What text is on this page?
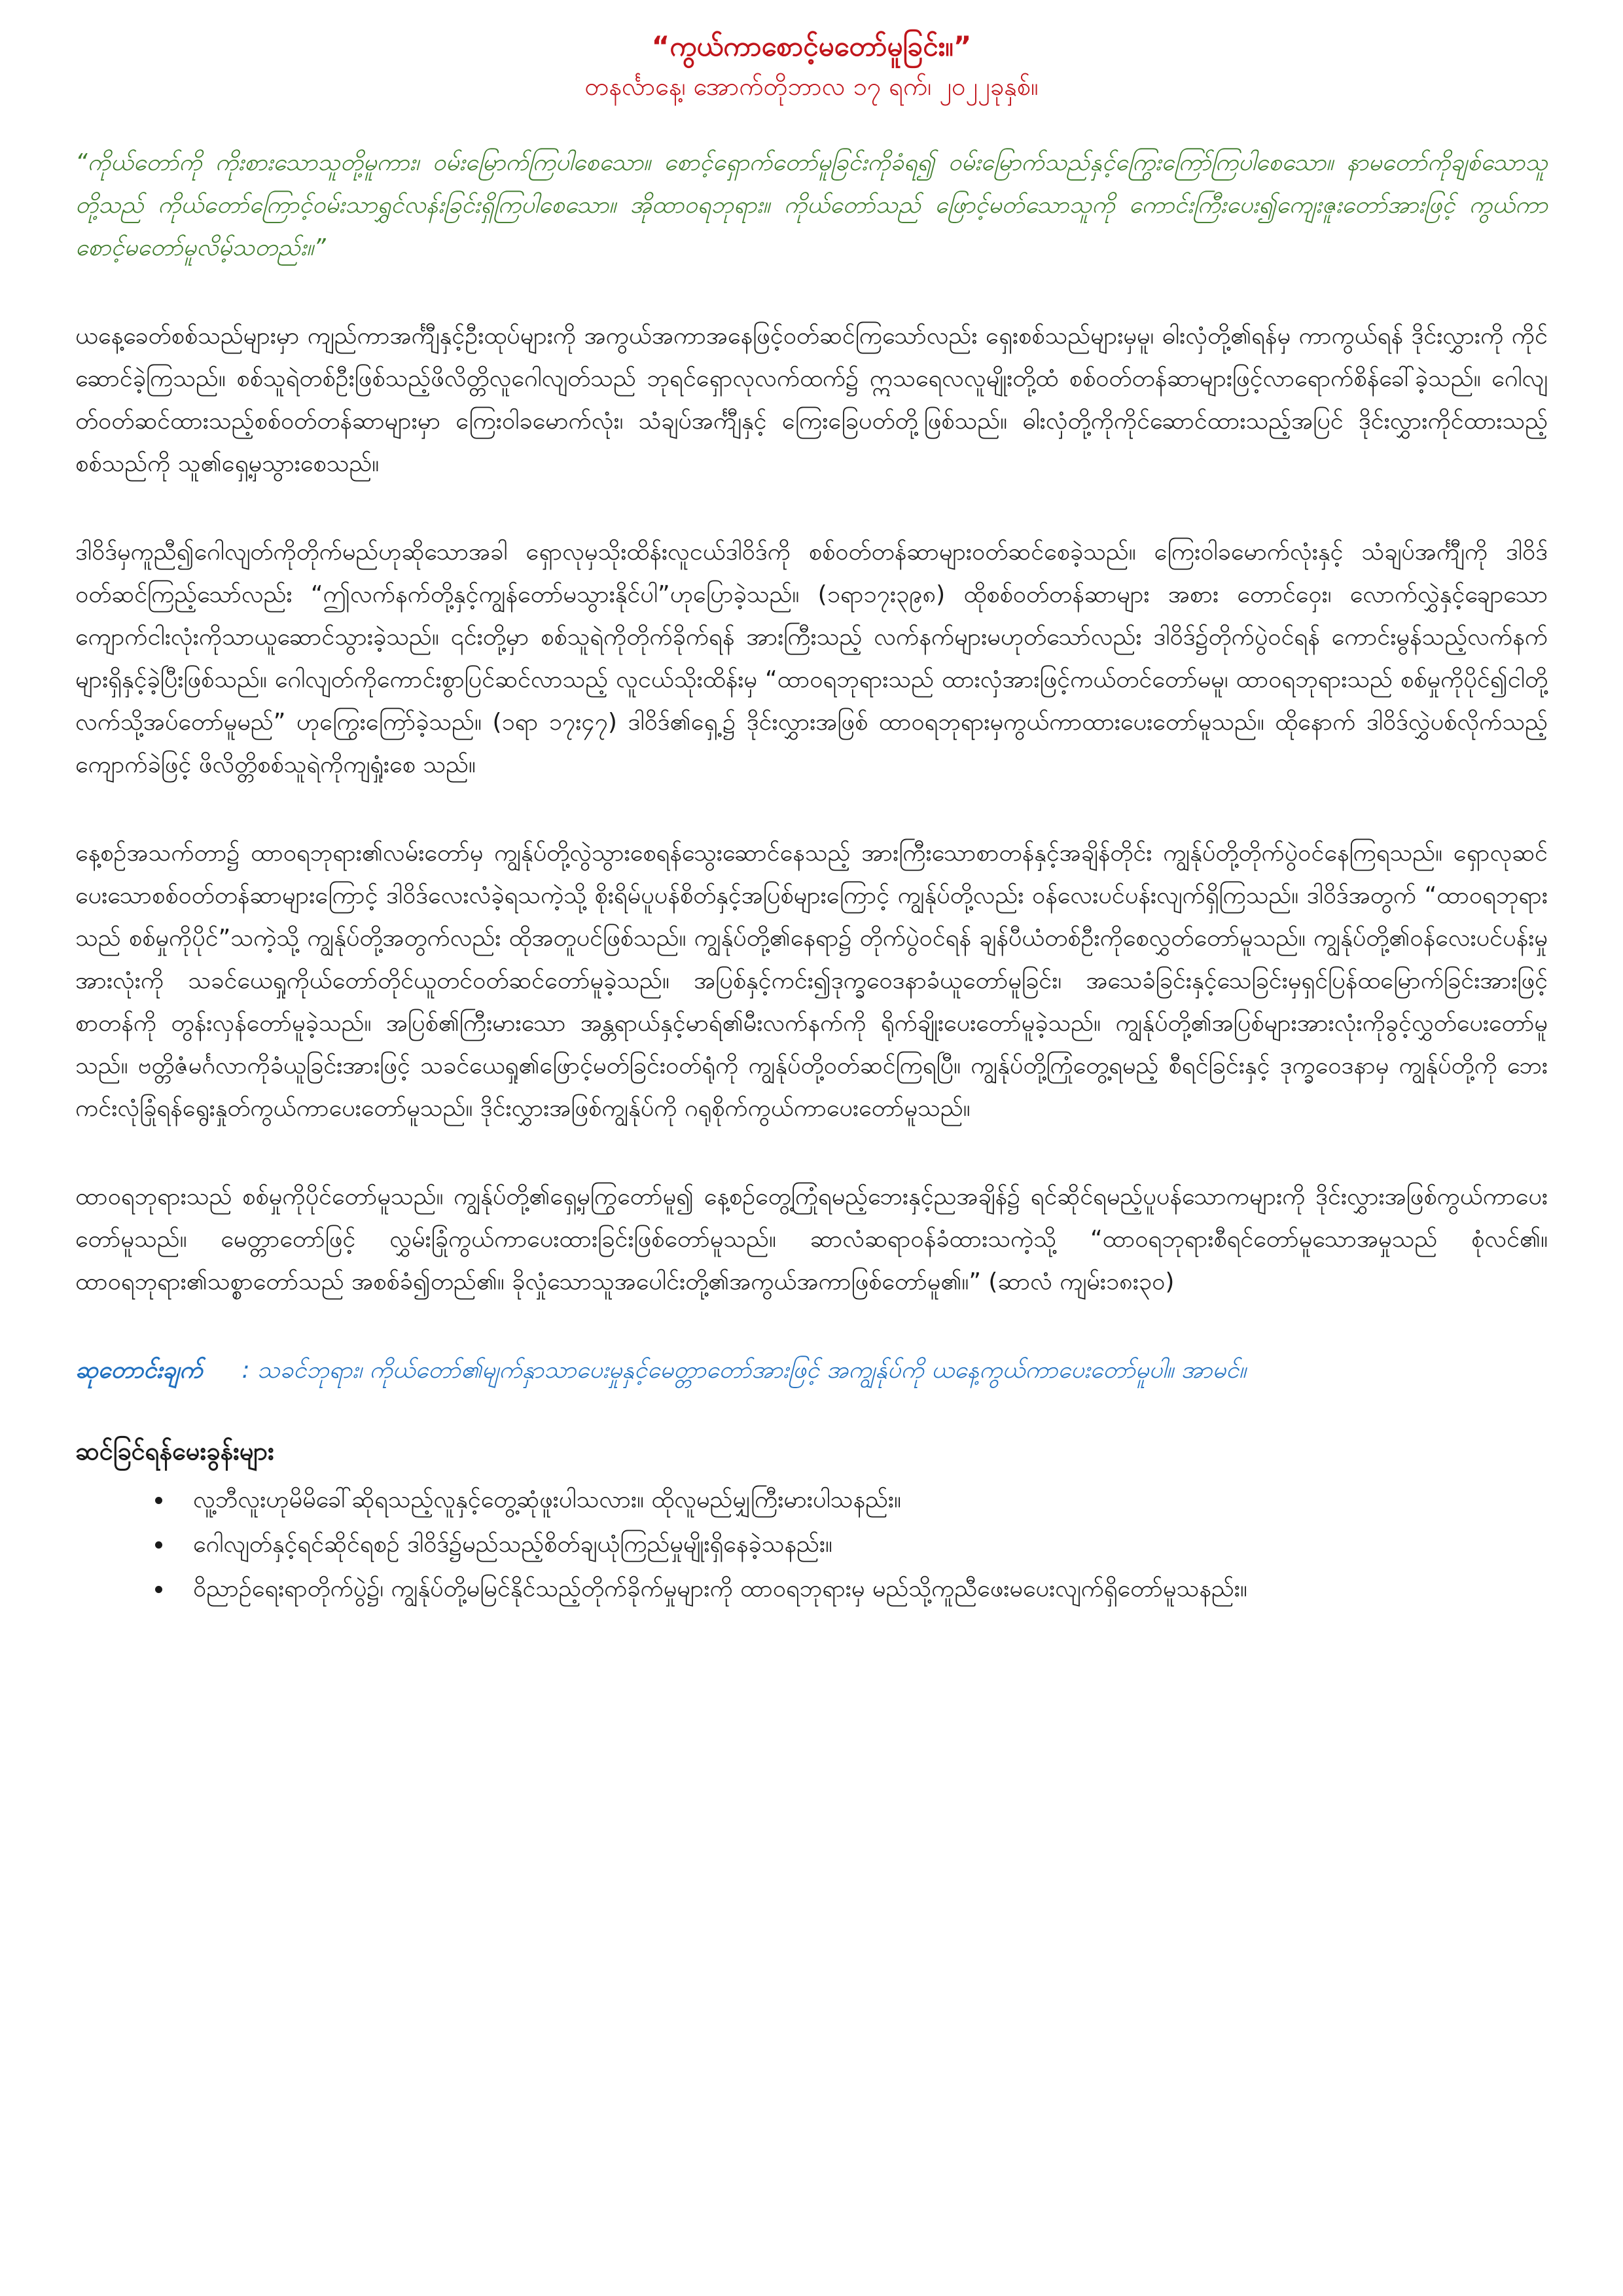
“ကွယ်ကာစောင့်မတော်မူခြင်း။”

တနင်္လာနေ့၊ အောက်တိုဘာလ ၁၇ ရက်၊ ၂၀၂၂ခုနှစ်။

“ကိုယ်တော်ကို ကိုးစားသောသူတို့မူကား၊ ဝမ်းမြောက်ကြပါစေသော။ စောင့်ရှောက်တော်မူခြင်းကိုခံရ၍ ဝမ်းမြောက်သည်နှင့်ကြွေးကြော်ကြပါစေသော။ နာမတော်ကိုချစ်သောသူတို့သည် ကိုယ်တော်ကြောင့်ဝမ်းသာရွှင်လန်းခြင်းရှိကြပါစေသော။ အိုထာဝရဘုရား။ ကိုယ်တော်သည် ဖြောင့်မတ်သောသူကို ကောင်းကြီးပေး၍ကျေးဇူးတော်အားဖြင့် ကွယ်ကာစောင့်မတော်မူလိမ့်သတည်း။”

ယနေ့ခေတ်စစ်သည်များမှာ ကျည်ကာအင်္ကျီနှင့်ဦးထုပ်များကို အကွယ်အကာအနေဖြင့်ဝတ်ဆင်ကြသော်လည်း ရှေးစစ်သည်များမှမူ၊ ဓါးလှံတို့၏ရန်မှ ကာကွယ်ရန် ဒိုင်းလွှားကို ကိုင်ဆောင်ခဲ့ကြသည်။ စစ်သူရဲတစ်ဦးဖြစ်သည့်ဖိလိတ္တိလူဂေါလျတ်သည် ဘုရင်ရှောလုလက်ထက်၌ ဣသရေလလူမျိုးတို့ထံ စစ်ဝတ်တန်ဆာများဖြင့်လာရောက်စိန်ခေါ်ခဲ့သည်။ ဂေါလျတ်ဝတ်ဆင်ထားသည့်စစ်ဝတ်တန်ဆာများမှာ ကြေးဝါခမောက်လုံး၊ သံချပ်အင်္ကျီနှင့် ကြေးခြေပတ်တို့ဖြစ်သည်။ ဓါးလှံတို့ကိုကိုင်ဆောင်ထားသည့်အပြင် ဒိုင်းလွှားကိုင်ထားသည့်စစ်သည်ကို သူ၏ရှေ့မှသွားစေသည်။

ဒါဝိဒ်မှကူညီ၍ဂေါလျတ်ကိုတိုက်မည်ဟုဆိုသောအခါ ရှောလုမှသိုးထိန်းလူငယ်ဒါဝိဒ်ကို စစ်ဝတ်တန်ဆာများဝတ်ဆင်စေခဲ့သည်။ ကြေးဝါခမောက်လုံးနှင့် သံချပ်အင်္ကျီကို ဒါဝိဒ်ဝတ်ဆင်ကြည့်သော်လည်း “ဤလက်နက်တို့နှင့်ကျွန်တော်မသွားနိုင်ပါ”ဟုပြောခဲ့သည်။ (၁ရာ၁၇း၃၉၈) ထိုစစ်ဝတ်တန်ဆာများ အစား တောင်ဝှေး၊ လောက်လွှဲနှင့်ချောသော ကျောက်ငါးလုံးကိုသာယူဆောင်သွားခဲ့သည်။ ၎င်းတို့မှာ စစ်သူရဲကိုတိုက်ခိုက်ရန် အားကြီးသည့် လက်နက်များမဟုတ်သော်လည်း ဒါဝိဒ်၌တိုက်ပွဲဝင်ရန် ကောင်းမွန်သည့်လက်နက်များရှိနှင့်ခဲ့ပြီးဖြစ်သည်။ ဂေါလျတ်ကိုကောင်းစွာပြင်ဆင်လာသည့် လူငယ်သိုးထိန်းမှ “ထာဝရဘုရားသည် ထားလှံအားဖြင့်ကယ်တင်တော်မမူ၊ ထာဝရဘုရားသည် စစ်မှုကိုပိုင်၍ငါတို့လက်သို့အပ်တော်မူမည်” ဟုကြွေးကြော်ခဲ့သည်။ (၁ရာ ၁၇း၄၇) ဒါဝိဒ်၏ရှေ့၌ ဒိုင်းလွှားအဖြစ် ထာဝရဘုရားမှကွယ်ကာထားပေးတော်မူသည်။ ထိုနောက် ဒါဝိဒ်လွှဲပစ်လိုက်သည့်ကျောက်ခဲဖြင့် ဖိလိတ္တိစစ်သူရဲကိုကျရှုံးစေ သည်။

နေ့စဉ်အသက်တာ၌ ထာဝရဘုရား၏လမ်းတော်မှ ကျွန်ုပ်တို့လွဲသွားစေရန်သွေးဆောင်နေသည့် အားကြီးသောစာတန်နှင့်အချိန်တိုင်း ကျွန်ုပ်တို့တိုက်ပွဲဝင်နေကြရသည်။ ရှောလုဆင်ပေးသောစစ်ဝတ်တန်ဆာများကြောင့် ဒါဝိဒ်လေးလံခဲ့ရသကဲ့သို့ စိုးရိမ်ပူပန်စိတ်နှင့်အပြစ်များကြောင့် ကျွန်ုပ်တို့လည်း ဝန်လေးပင်ပန်းလျက်ရှိကြသည်။ ဒါဝိဒ်အတွက် “ထာဝရဘုရားသည် စစ်မှုကိုပိုင်”သကဲ့သို့ ကျွန်ုပ်တို့အတွက်လည်း ထိုအတူပင်ဖြစ်သည်။ ကျွန်ုပ်တို့၏နေရာ၌ တိုက်ပွဲဝင်ရန် ချန်ပီယံတစ်ဦးကိုစေလွှတ်တော်မူသည်။ ကျွန်ုပ်တို့၏ဝန်လေးပင်ပန်းမှုအားလုံးကို သခင်ယေရှုကိုယ်တော်တိုင်ယူတင်ဝတ်ဆင်တော်မူခဲ့သည်။ အပြစ်နှင့်ကင်း၍ဒုက္ခဝေဒနာခံယူတော်မူခြင်း၊ အသေခံခြင်းနှင့်သေခြင်းမှရှင်ပြန်ထမြောက်ခြင်းအားဖြင့် စာတန်ကို တွန်းလှန်တော်မူခဲ့သည်။ အပြစ်၏ကြီးမားသော အန္တရာယ်နှင့်မာရ်၏မီးလက်နက်ကို ရိုက်ချိုးပေးတော်မူခဲ့သည်။ ကျွန်ုပ်တို့၏အပြစ်များအားလုံးကိုခွင့်လွှတ်ပေးတော်မူသည်။ ဗတ္တိဇံမင်္ဂလာကိုခံယူခြင်းအားဖြင့် သခင်ယေရှု၏ဖြောင့်မတ်ခြင်းဝတ်ရုံကို ကျွန်ုပ်တို့ဝတ်ဆင်ကြရပြီ။ ကျွန်ုပ်တို့ကြုံတွေ့ရမည့် စီရင်ခြင်းနှင့် ဒုက္ခဝေဒနာမှ ကျွန်ုပ်တို့ကို ဘေးကင်းလုံခြုံရန်ရွေးနှုတ်ကွယ်ကာပေးတော်မူသည်။ ဒိုင်းလွှားအဖြစ်ကျွန်ုပ်ကို ဂရုစိုက်ကွယ်ကာပေးတော်မူသည်။

ထာဝရဘုရားသည် စစ်မှုကိုပိုင်တော်မူသည်။ ကျွန်ုပ်တို့၏ရှေ့မှကြွတော်မူ၍ နေ့စဉ်တွေ့ကြုံရမည့်ဘေးနှင့်ညအချိန်၌ ရင်ဆိုင်ရမည့်ပူပန်သောကများကို ဒိုင်းလွှားအဖြစ်ကွယ်ကာပေးတော်မူသည်။ မေတ္တာတော်ဖြင့် လွှမ်းခြုံကွယ်ကာပေးထားခြင်းဖြစ်တော်မူသည်။ ဆာလံဆရာဝန်ခံထားသကဲ့သို့ “ထာဝရဘုရားစီရင်တော်မူသောအမှုသည် စုံလင်၏။ ထာဝရဘုရား၏သစ္စာတော်သည် အစစ်ခံ၍တည်၏။ ခိုလှုံသောသူအပေါင်းတို့၏အကွယ်အကာဖြစ်တော်မူ၏။” (ဆာလံ ကျမ်း၁၈း၃၀)

ဆုတောင်းချက် : သခင်ဘုရား၊ ကိုယ်တော်၏မျက်နှာသာပေးမှုနှင့်မေတ္တာတော်အားဖြင့် အကျွန်ုပ်ကို ယနေ့ကွယ်ကာပေးတော်မူပါ။ အာမင်။

ဆင်ခြင်ရန်မေးခွန်းများ

• လူ့ဘီလူးဟုမိမိခေါ်ဆိုရသည့်လူနှင့်တွေ့ဆုံဖူးပါသလား။ ထိုလူမည်မျှကြီးမားပါသနည်း။
• ဂေါလျတ်နှင့်ရင်ဆိုင်ရစဉ် ဒါဝိဒ်၌မည်သည့်စိတ်ချယုံကြည်မှုမျိုးရှိနေခဲ့သနည်း။
• ဝိညာဉ်ရေးရာတိုက်ပွဲ၌၊ ကျွန်ုပ်တို့မမြင်နိုင်သည့်တိုက်ခိုက်မှုများကို ထာဝရဘုရားမှ မည်သို့ကူညီဖေးမပေးလျက်ရှိတော်မူသနည်း။
